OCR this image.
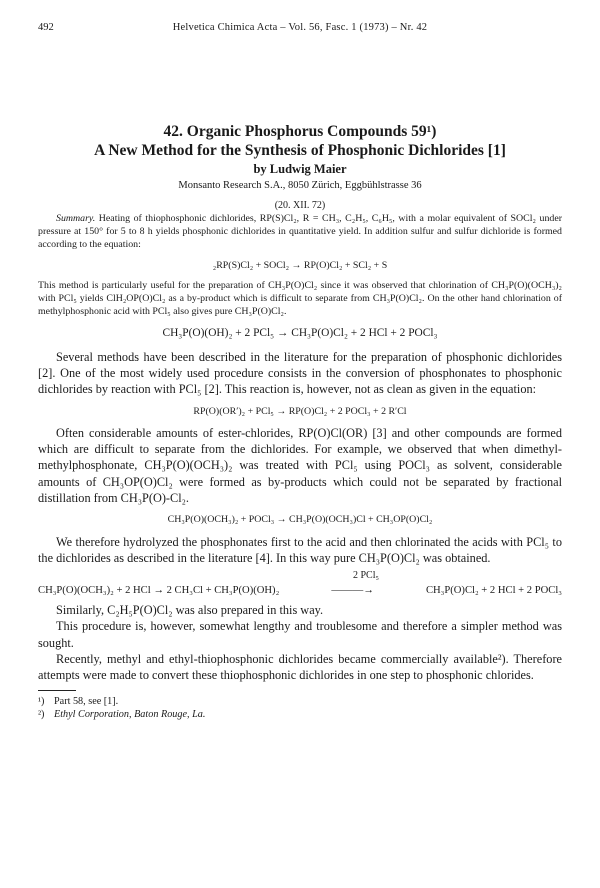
492	Helvetica Chimica Acta – Vol. 56, Fasc. 1 (1973) – Nr. 42
42. Organic Phosphorus Compounds 59¹)
A New Method for the Synthesis of Phosphonic Dichlorides [1]
by Ludwig Maier
Monsanto Research S.A., 8050 Zürich, Eggbühlstrasse 36
(20. XII. 72)
Summary. Heating of thiophosphonic dichlorides, RP(S)Cl₂, R = CH₃, C₂H₅, C₆H₅, with a molar equivalent of SOCl₂ under pressure at 150° for 5 to 8 h yields phosphonic dichlorides in quantitative yield. In addition sulfur and sulfur dichloride is formed according to the equation:
₂RP(S)Cl₂ + SOCl₂ → RP(O)Cl₂ + SCl₂ + S
This method is particularly useful for the preparation of CH₃P(O)Cl₂ since it was observed that chlorination of CH₃P(O)(OCH₃)₂ with PCl₅ yields ClH₂OP(O)Cl₂ as a by-product which is difficult to separate from CH₃P(O)Cl₂. On the other hand chlorination of methylphosphonic acid with PCl₅ also gives pure CH₃P(O)Cl₂.
CH₃P(O)(OH)₂ + 2 PCl₅ → CH₃P(O)Cl₂ + 2 HCl + 2 POCl₃
Several methods have been described in the literature for the preparation of phosphonic dichlorides [2]. One of the most widely used procedure consists in the conversion of phosphonates to phosphonic dichlorides by reaction with PCl₅ [2]. This reaction is, however, not as clean as given in the equation:
RP(O)(OR′)₂ + PCl₅ → RP(O)Cl₂ + 2 POCl₃ + 2 R′Cl
Often considerable amounts of ester-chlorides, RP(O)Cl(OR) [3] and other compounds are formed which are difficult to separate from the dichlorides. For example, we observed that when dimethyl-methylphosphonate, CH₃P(O)(OCH₃)₂ was treated with PCl₅ using POCl₃ as solvent, considerable amounts of CH₃OP(O)Cl₂ were formed as by-products which could not be separated by fractional distillation from CH₃P(O)-Cl₂.
CH₃P(O)(OCH₃)₂ + POCl₃ → CH₃P(O)(OCH₃)Cl + CH₃OP(O)Cl₂
We therefore hydrolyzed the phosphonates first to the acid and then chlorinated the acids with PCl₅ to the dichlorides as described in the literature [4]. In this way pure CH₃P(O)Cl₂ was obtained.
2 PCl₅
CH₃P(O)(OCH₃)₂ + 2 HCl → 2 CH₃Cl + CH₃P(O)(OH)₂	———→	CH₃P(O)Cl₂ + 2 HCl + 2 POCl₃
Similarly, C₂H₅P(O)Cl₂ was also prepared in this way.
This procedure is, however, somewhat lengthy and troublesome and therefore a simpler method was sought.
Recently, methyl and ethyl-thiophosphonic dichlorides became commercially available²). Therefore attempts were made to convert these thiophosphonic dichlorides in one step to phosphonic chlorides.
¹) Part 58, see [1].
²) Ethyl Corporation, Baton Rouge, La.
